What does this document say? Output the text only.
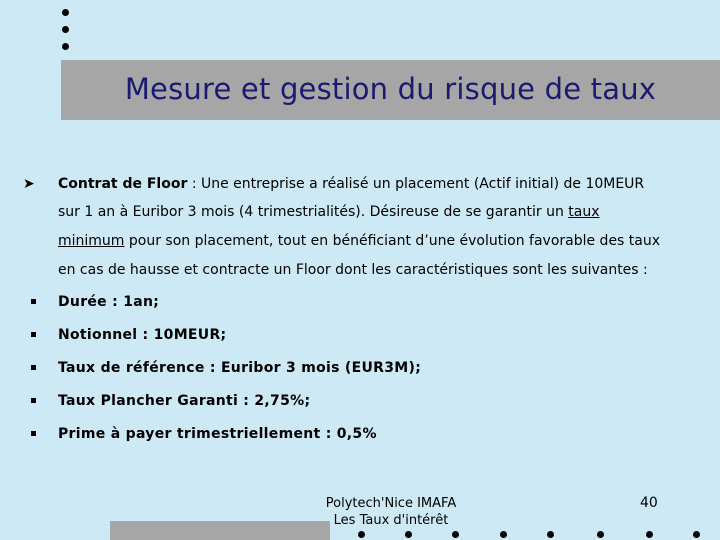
Mesure et gestion du risque de taux
➤ Contrat de Floor : Une entreprise a réalisé un placement (Actif initial) de 10MEUR
sur 1 an à Euribor 3 mois (4 trimestrialités). Désireuse de se garantir un taux
minimum pour son placement, tout en bénéficiant d’une évolution favorable des taux
en cas de hausse et contracte un Floor dont les caractéristiques sont les suivantes :
Durée : 1an;
Notionnel : 10MEUR;
Taux de référence : Euribor 3 mois (EUR3M);
Taux Plancher Garanti : 2,75%;
Prime à payer trimestriellement : 0,5%
Polytech'Nice IMAFA
Les Taux d'intérêt
40
